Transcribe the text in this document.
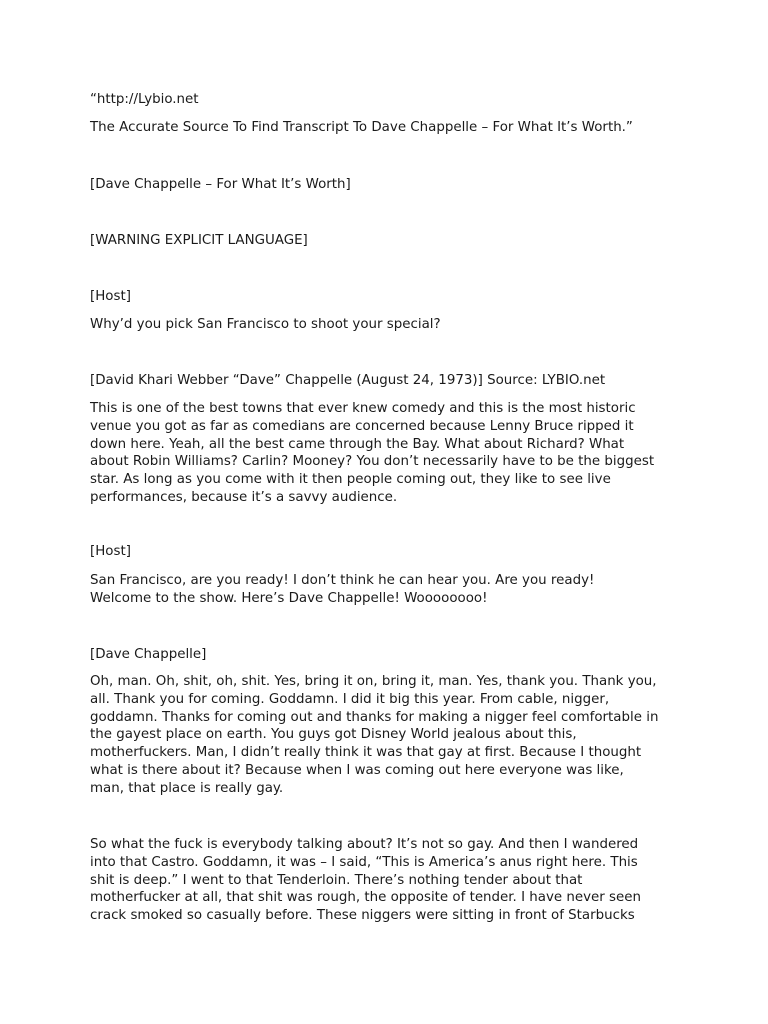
“http://Lybio.net

The Accurate Source To Find Transcript To Dave Chappelle – For What It’s Worth.”

[Dave Chappelle – For What It’s Worth]

[WARNING EXPLICIT LANGUAGE]

[Host]

Why’d you pick San Francisco to shoot your special?

[David Khari Webber “Dave” Chappelle (August 24, 1973)] Source: LYBIO.net

This is one of the best towns that ever knew comedy and this is the most historic
venue you got as far as comedians are concerned because Lenny Bruce ripped it
down here. Yeah, all the best came through the Bay. What about Richard? What
about Robin Williams? Carlin? Mooney? You don’t necessarily have to be the biggest
star. As long as you come with it then people coming out, they like to see live
performances, because it’s a savvy audience.

[Host]

San Francisco, are you ready! I don’t think he can hear you. Are you ready!
Welcome to the show. Here’s Dave Chappelle! Woooooooo!

[Dave Chappelle]

Oh, man. Oh, shit, oh, shit. Yes, bring it on, bring it, man. Yes, thank you. Thank you,
all. Thank you for coming. Goddamn. I did it big this year. From cable, nigger,
goddamn. Thanks for coming out and thanks for making a nigger feel comfortable in
the gayest place on earth. You guys got Disney World jealous about this,
motherfuckers. Man, I didn’t really think it was that gay at first. Because I thought
what is there about it? Because when I was coming out here everyone was like,
man, that place is really gay.

So what the fuck is everybody talking about? It’s not so gay. And then I wandered
into that Castro. Goddamn, it was – I said, “This is America’s anus right here. This
shit is deep.” I went to that Tenderloin. There’s nothing tender about that
motherfucker at all, that shit was rough, the opposite of tender. I have never seen
crack smoked so casually before. These niggers were sitting in front of Starbucks
